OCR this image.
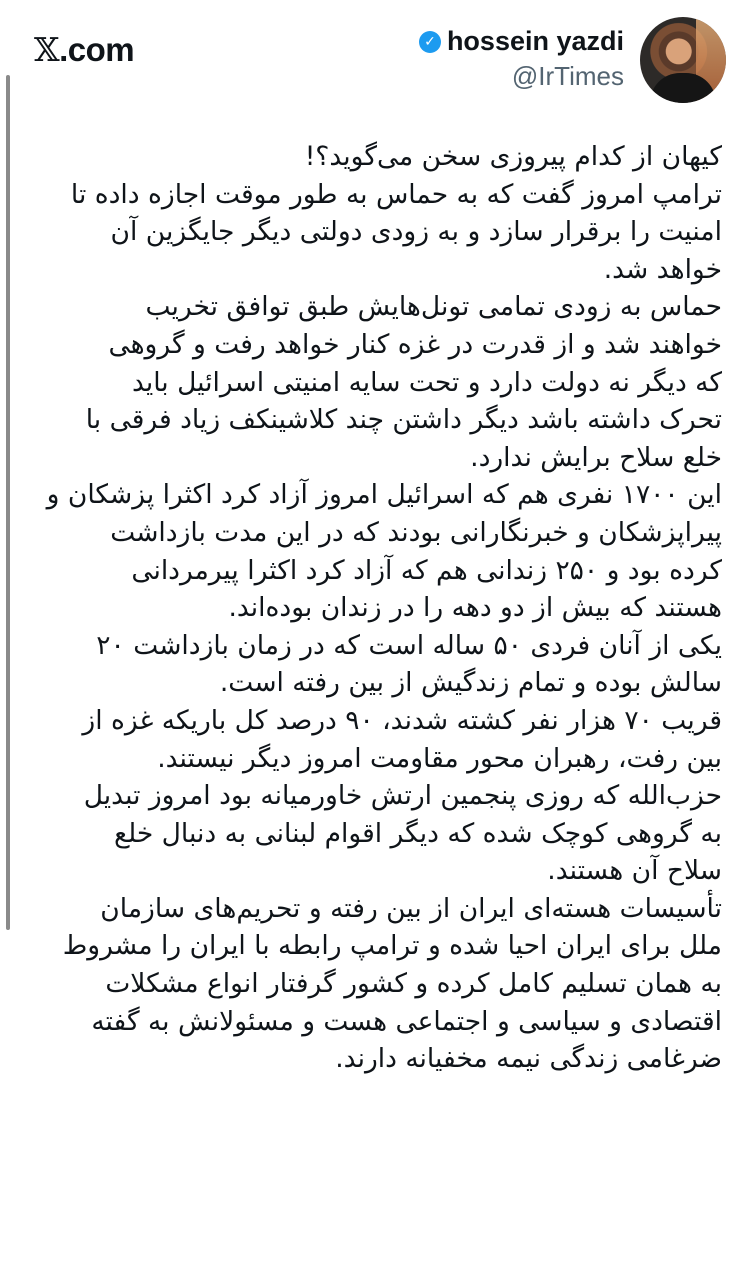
𝕏.com	✓ hossein yazdi
@IrTimes
کیهان از کدام پیروزی سخن می‌گوید؟!
ترامپ امروز گفت که به حماس به طور موقت اجازه داده تا
امنیت را برقرار سازد و به زودی دولتی دیگر جایگزین آن
خواهد شد.
حماس به زودی تمامی تونل‌هایش طبق توافق تخریب
خواهند شد و از قدرت در غزه کنار خواهد رفت و گروهی
که دیگر نه دولت دارد و تحت سایه امنیتی اسرائیل باید
تحرک داشته باشد دیگر داشتن چند کلاشینکف زیاد فرقی با
خلع سلاح برایش ندارد.
این ۱۷۰۰ نفری هم که اسرائیل امروز آزاد کرد اکثرا پزشکان و
پیراپزشکان و خبرنگارانی بودند که در این مدت بازداشت
کرده بود و ۲۵۰ زندانی هم که آزاد کرد اکثرا پیرمردانی
هستند که بیش از دو دهه را در زندان بوده‌اند.
یکی از آنان فردی ۵۰ ساله است که در زمان بازداشت ۲۰
سالش بوده و تمام زندگیش از بین رفته است.
قریب ۷۰ هزار نفر کشته شدند، ۹۰ درصد کل باریکه غزه از
بین رفت، رهبران محور مقاومت امروز دیگر نیستند.
حزب‌الله که روزی پنجمین ارتش خاورمیانه بود امروز تبدیل
به گروهی کوچک شده که دیگر اقوام لبنانی به دنبال خلع
سلاح آن هستند.
تأسیسات هسته‌ای ایران از بین رفته و تحریم‌های سازمان
ملل برای ایران احیا شده و ترامپ رابطه با ایران را مشروط
به همان تسلیم کامل کرده و کشور گرفتار انواع مشکلات
اقتصادی و سیاسی و اجتماعی هست و مسئولانش به گفته
ضرغامی زندگی نیمه مخفیانه دارند.
